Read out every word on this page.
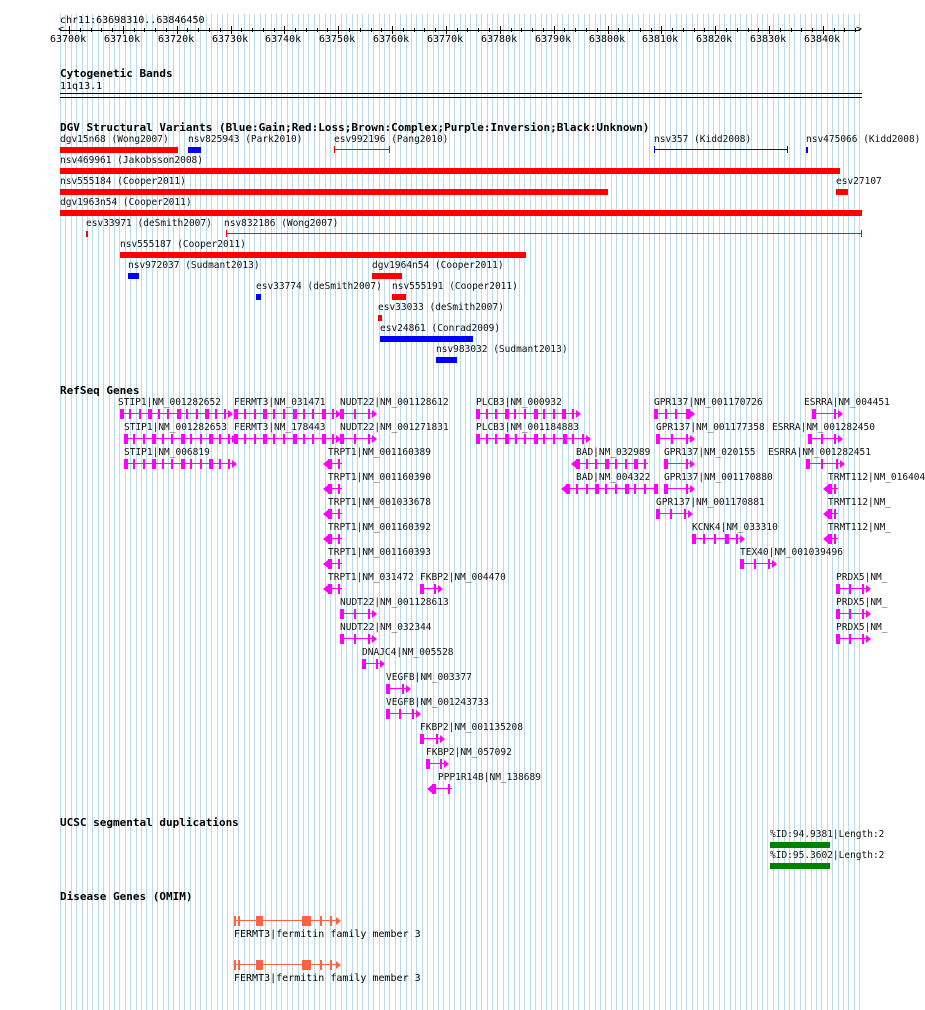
chr11:63698310..63846450
63700k 63710k 63720k 63730k 63740k 63750k 63760k 63770k 63780k 63790k 63800k 63810k 63820k 63830k 63840k
<	>
Cytogenetic Bands
11q13.1
DGV Structural Variants (Blue:Gain;Red:Loss;Brown:Complex;Purple:Inversion;Black:Unknown)
dgv15n68 (Wong2007) nsv825943 (Park2010)	esv992196 (Pang2010)	nsv357 (Kidd2008)	nsv475066 (Kidd2008)
nsv469961 (Jakobsson2008)
nsv555184 (Cooper2011)	esv27107
dgv1963n54 (Cooper2011)
esv33971 (deSmith2007) nsv832186 (Wong2007)
nsv555187 (Cooper2011)
nsv972037 (Sudmant2013)	dgv1964n54 (Cooper2011)
esv33774 (deSmith2007) nsv555191 (Cooper2011)
esv33033 (deSmith2007)
esv24861 (Conrad2009)
nsv983032 (Sudmant2013)
RefSeq Genes
STIP1|NM_001282652 FERMT3|NM_031471 NUDT22|NM_001128612	PLCB3|NM_000932	GPR137|NM_001170726	ESRRA|NM_004451
STIP1|NM_001282653 FERMT3|NM_178443 NUDT22|NM_001271831	PLCB3|NM_001184883	GPR137|NM_001177358 ESRRA|NM_001282450
STIP1|NM_006819	TRPT1|NM_001160389	BAD|NM_032989 GPR137|NM_020155 ESRRA|NM_001282451
TRPT1|NM_001160390	BAD|NM_004322 GPR137|NM_001170880	TRMT112|NM_016404
TRPT1|NM_001033678	GPR137|NM_001170881	TRMT112|NM_
TRPT1|NM_001160392	KCNK4|NM_033310	TRMT112|NM_
TRPT1|NM_001160393	TEX40|NM_001039496
TRPT1|NM_031472 FKBP2|NM_004470	PRDX5|NM_
NUDT22|NM_001128613	PRDX5|NM_
NUDT22|NM_032344	PRDX5|NM_
DNAJC4|NM_005528
VEGFB|NM_003377
VEGFB|NM_001243733
FKBP2|NM_001135208
FKBP2|NM_057092
PPP1R14B|NM_138689
UCSC segmental duplications
%ID:94.9381|Length:2
%ID:95.3602|Length:2
Disease Genes (OMIM)
FERMT3|fermitin family member 3
FERMT3|fermitin family member 3
